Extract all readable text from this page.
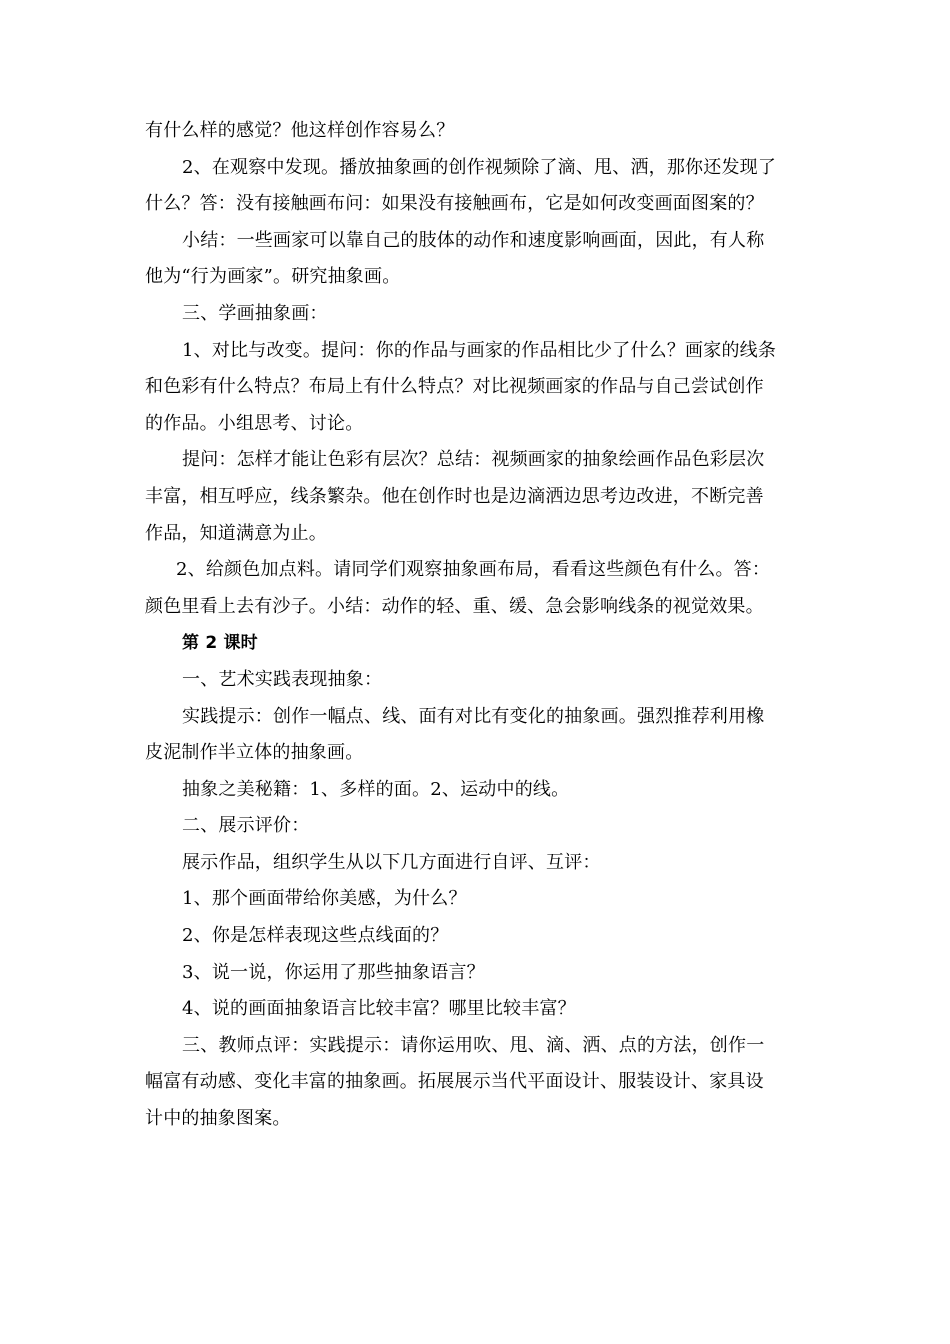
有什么样的感觉？他这样创作容易么？

2、在观察中发现。播放抽象画的创作视频除了滴、甩、洒，那你还发现了

什么？答：没有接触画布问：如果没有接触画布，它是如何改变画面图案的？

小结：一些画家可以靠自己的肢体的动作和速度影响画面，因此，有人称

他为“行为画家”。研究抽象画。

三、学画抽象画：

1、对比与改变。提问：你的作品与画家的作品相比少了什么？画家的线条

和色彩有什么特点？布局上有什么特点？对比视频画家的作品与自己尝试创作

的作品。小组思考、讨论。

提问：怎样才能让色彩有层次？总结：视频画家的抽象绘画作品色彩层次

丰富，相互呼应，线条繁杂。他在创作时也是边滴洒边思考边改进，不断完善

作品，知道满意为止。

2、给颜色加点料。请同学们观察抽象画布局，看看这些颜色有什么。答：

颜色里看上去有沙子。小结：动作的轻、重、缓、急会影响线条的视觉效果。

第 2 课时

一、艺术实践表现抽象：

实践提示：创作一幅点、线、面有对比有变化的抽象画。强烈推荐利用橡

皮泥制作半立体的抽象画。

抽象之美秘籍：1、多样的面。2、运动中的线。

二、展示评价：

展示作品，组织学生从以下几方面进行自评、互评：

1、那个画面带给你美感，为什么？

2、你是怎样表现这些点线面的？

3、说一说，你运用了那些抽象语言？

4、说的画面抽象语言比较丰富？哪里比较丰富？

三、教师点评：实践提示：请你运用吹、甩、滴、洒、点的方法，创作一

幅富有动感、变化丰富的抽象画。拓展展示当代平面设计、服装设计、家具设

计中的抽象图案。
